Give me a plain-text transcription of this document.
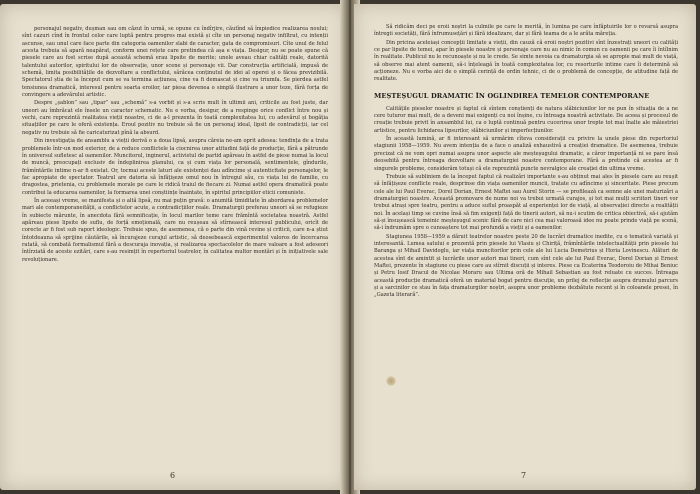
personajul negativ, dușman sau om căzut în urmă, se opune cu îndîrjire, căutînd să împiedice realizarea noului; sînt cazuri cînd în frontul celor care luptă pentru progres mai există și cîte un personaj negativ infiltrat, cu intenții ascunse, sau unul care face parte din categoria oamenilor slabi de caracter, gata de compromisuri. Cîte unul de felul acesta trebuia să apară neapărat, conform unei rețete care pretindea că așa e viața. Desigur, nu se poate spune că piesele care au fost scrise după această schemă erau lipsite de merite; unele aveau chiar calități reale, datorită talentului autorilor, spiritului lor de observație, unor scene și personaje vii. Dar construcția artificială, impusă de schemă, limita posibilitățile de dezvoltare a conflictului, sărăcea conținutul de idei al operei și o făcea previzibilă. Spectatorul știa de la început cum se va termina acțiunea, cine va fi demascat și cine va triumfa. Se pierdea astfel tensiunea dramatică, interesul pentru soarta eroilor, iar piesa devenea o simplă ilustrare a unor teze, fără forța de convingere a adevărului artistic.

Despre „șablon” sau „tipar” sau „schemă” s-a vorbit și s-a scris mult în ultimii ani, criticile au fost juste, dar uneori au îmbrăcat ele însele un caracter schematic. Nu e vorba, desigur, de a respinge orice conflict între nou și vechi, care reprezintă realitatea vieții noastre, ci de a-l prezenta în toată complexitatea lui, cu adevărul și bogăția situațiilor pe care le oferă existența. Eroul pozitiv nu trebuie să fie un personaj ideal, lipsit de contradicții, iar cel negativ nu trebuie să fie caricaturizat pînă la absurd.

Din investigația de ansamblu a vieții derivă o a doua lipsă, asupra căreia ne-am oprit adesea: tendința de a trata problemele într-un mod exterior, de a reduce conflictele la ciocnirea unor atitudini față de producție, fără a pătrunde în universul sufletesc al oamenilor. Muncitorul, inginerul, activistul de partid apăreau în astfel de piese numai la locul de muncă, preocupați exclusiv de îndeplinirea planului, ca și cum viața lor personală, sentimentele, gîndurile, frămîntările intime n-ar fi existat. Or, tocmai aceste laturi ale existenței dau adîncime și autenticitate personajelor, le fac apropiate de spectator. Teatrul are datoria să înfățișeze omul nou în întregul său, cu viața lui de familie, cu dragostea, prietenia, cu problemele morale pe care le ridică traiul de fiecare zi. Numai astfel opera dramatică poate contribui la educarea oamenilor, la formarea unei conștiințe înaintate, în spiritul principiilor eticii comuniste.

În aceeași vreme, se manifesta și o altă lipsă, nu mai puțin gravă: o anumită timiditate în abordarea problemelor mari ale contemporaneității, a conflictelor acute, a contradicțiilor reale. Dramaturgii preferau uneori să se refugieze în subiecte mărunte, în anecdota fără semnificație, în locul marilor teme care frămîntă societatea noastră. Astfel apăreau piese lipsite de suflu, de forță emoțională, care nu reușeau să stîrnească interesul publicului, oricît de corecte ar fi fost sub raport ideologic. Trebuie spus, de asemenea, că o parte din vină revine și criticii, care n-a știut întotdeauna să sprijine căutările, să încurajeze curajul artistic, să deosebească experimentul valoros de încercarea ratată, să combată formalismul fără a descuraja inovația, și realizarea spectacolelor de mare valoare a fost adeseori întîrziată de aceste ezitări, care s-au resimțit în repertoriul teatrelor, în calitatea multor montări și în inițiativele sale revoluționare.

6

Să ridicăm deci pe eroii noștri la culmile pe care le merită, în lumina pe care înfăptuirile lor o revarsă asupra întregii societăți, fără înfrumusețări și fără idealizare, dar și fără teama de a le arăta măreția.

Din pricina aceleiași concepții limitate a vieții, din cauză că eroii noștri pozitivi sînt înzestrați uneori cu calități ce par lipsite de temei, apar în piesele noastre și personaje care nu au nimic în comun cu oamenii pe care îi întîlnim în realitate. Publicul nu le recunoaște și nu le crede. Se simte nevoia ca dramaturgia să se apropie mai mult de viață, să observe mai atent oamenii, să-i înțeleagă în toată complexitatea lor, cu resorturile intime care îi determină să acționeze. Nu e vorba aici de o simplă cerință de ordin tehnic, ci de o problemă de concepție, de atitudine față de realitate.

MEȘTEȘUGUL DRAMATIC ÎN OGLINDIREA TEMELOR CONTEMPORANE

Calitățile pieselor noastre și faptul că sîntem conștienți de natura slăbiciunilor lor ne pun în situația de a ne cere tuturor mai mult, de a deveni mai exigenți cu noi înșine, cu întreaga noastră activitate. De aceea și procesul de creație trebuie privit în ansamblul lui, ca o luptă continuă pentru cucerirea unor trepte tot mai înalte ale măiestriei artistice, pentru lichidarea lipsurilor, slăbiciunilor și imperfecțiunilor.

În această lumină, ar fi interesant să urmărim cîteva considerații cu privire la unele piese din repertoriul stagiunii 1958—1959. Nu avem intenția de a face o analiză exhaustivă a creației dramatice. De asemenea, trebuie precizat că ne vom opri numai asupra unor aspecte ale meșteșugului dramatic, a căror importanță ni se pare însă deosebită pentru întreaga dezvoltare a dramaturgiei noastre contemporane. Fără a pretinde că acestea ar fi singurele probleme, considerăm totuși că ele reprezintă puncte nevralgice ale creației din ultima vreme.

Trebuie să subliniem de la început faptul că realizări importante s-au obținut mai ales în piesele care au reușit să înfățișeze conflicte reale, desprinse din viața oamenilor muncii, tratate cu adîncime și sinceritate. Piese precum cele ale lui Paul Everac, Dorel Dorian, Ernest Maftei sau Aurel Storin — se profilează ca semne ale unei maturizări a dramaturgiei noastre. Această promovare de nume noi va trebui urmată curajos, și tot mai mulți scriitori tineri vor trebui atrași spre teatru, pentru a aduce suflul proaspăt al experienței lor de viață, al observației directe a realității noi. În același timp se cuvine însă să fim exigenți față de tinerii autori, să nu-i scutim de critica obiectivă, să-i ajutăm să-și însușească temeinic meșteșugul scenic fără de care nici cea mai valoroasă idee nu poate prinde viață pe scenă, să-i îndrumăm spre o cunoaștere tot mai profundă a vieții și a oamenilor.

Stagiunea 1958—1959 a dăruit teatrelor noastre peste 20 de lucrări dramatice inedite, cu o tematică variată și interesantă. Lumea satului e prezentă prin piesele lui Vlasiu și Chiriță, frămîntările intelectualității prin piesele lui Baranga și Mihail Davidoglu, iar viața muncitorilor prin cele ale lui Lucia Demetrius și Horia Lovinescu. Alături de acestea sînt de amintit și lucrările unor autori mai tineri, cum sînt cele ale lui Paul Everac, Dorel Dorian și Ernest Maftei, prezente în stagiune cu piese care au stîrnit discuții și interes. Piese ca Ecaterina Teodoroiu de Mihai Beniuc și Petru Iosif Dracul de Nicolae Moraru sau Ultima oră de Mihail Sebastian au fost reluate cu succes. Întreaga această producție dramatică oferă un material bogat pentru discuție, un prilej de reflecție asupra drumului parcurs și a sarcinilor ce stau în fața dramaturgilor noștri, asupra unor probleme dezbătute recent și în coloanele presei, în „Gazeta literară”.

7
